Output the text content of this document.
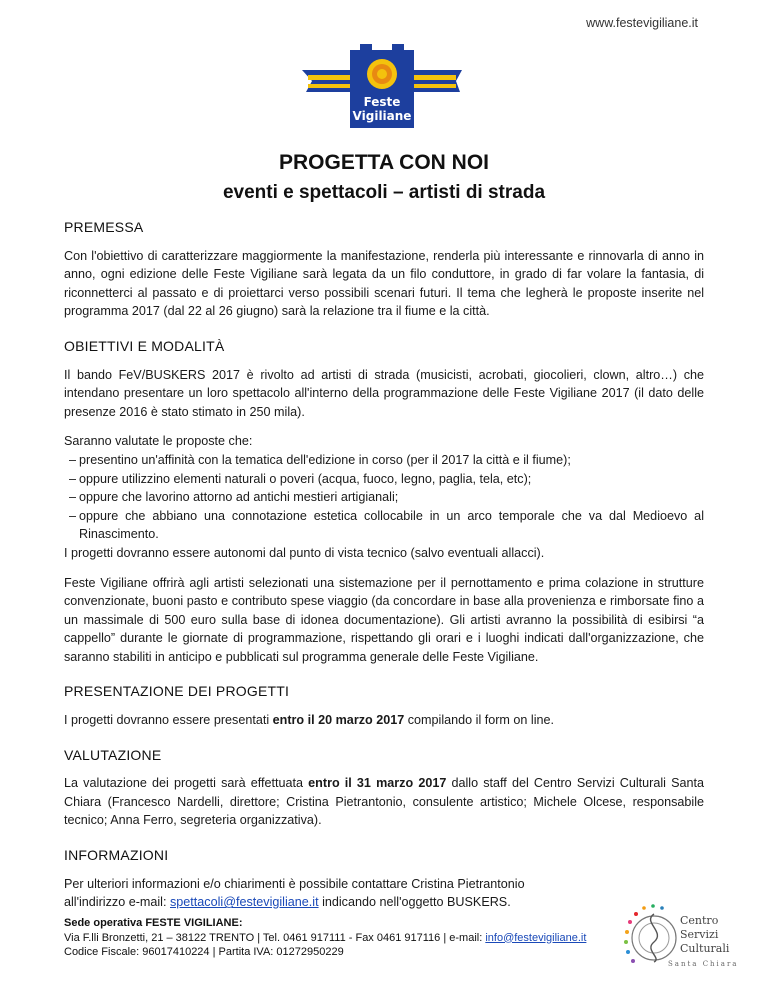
www.festevigiliane.it
Feste
Vigiliane
PROGETTA CON NOI
eventi e spettacoli – artisti di strada
PREMESSA

Con l'obiettivo di caratterizzare maggiormente la manifestazione, renderla più interessante e rinnovarla di anno in anno, ogni edizione delle Feste Vigiliane sarà legata da un filo conduttore, in grado di far volare la fantasia, di riconnetterci al passato e di proiettarci verso possibili scenari futuri. Il tema che legherà le proposte inserite nel programma 2017 (dal 22 al 26 giugno) sarà la relazione tra il fiume e la città.

OBIETTIVI E MODALITÀ

Il bando FeV/BUSKERS 2017 è rivolto ad artisti di strada (musicisti, acrobati, giocolieri, clown, altro…) che intendano presentare un loro spettacolo all'interno della programmazione delle Feste Vigiliane 2017 (il dato delle presenze 2016 è stato stimato in 250 mila).

Saranno valutate le proposte che:

– presentino un'affinità con la tematica dell'edizione in corso (per il 2017 la città e il fiume);
– oppure utilizzino elementi naturali o poveri (acqua, fuoco, legno, paglia, tela, etc);
– oppure che lavorino attorno ad antichi mestieri artigianali;
– oppure che abbiano una connotazione estetica collocabile in un arco temporale che va dal Medioevo al Rinascimento.

I progetti dovranno essere autonomi dal punto di vista tecnico (salvo eventuali allacci).

Feste Vigiliane offrirà agli artisti selezionati una sistemazione per il pernottamento e prima colazione in strutture convenzionate, buoni pasto e contributo spese viaggio (da concordare in base alla provenienza e rimborsate fino a un massimale di 500 euro sulla base di idonea documentazione). Gli artisti avranno la possibilità di esibirsi “a cappello” durante le giornate di programmazione, rispettando gli orari e i luoghi indicati dall'organizzazione, che saranno stabiliti in anticipo e pubblicati sul programma generale delle Feste Vigiliane.

PRESENTAZIONE DEI PROGETTI

I progetti dovranno essere presentati entro il 20 marzo 2017 compilando il form on line.

VALUTAZIONE

La valutazione dei progetti sarà effettuata entro il 31 marzo 2017 dallo staff del Centro Servizi Culturali Santa Chiara (Francesco Nardelli, direttore; Cristina Pietrantonio, consulente artistico; Michele Olcese, responsabile tecnico; Anna Ferro, segreteria organizzativa).

INFORMAZIONI

Per ulteriori informazioni e/o chiarimenti è possibile contattare Cristina Pietrantonio

all'indirizzo e-mail: spettacoli@festevigiliane.it indicando nell'oggetto BUSKERS.

Sede operativa FESTE VIGILIANE:
Via F.lli Bronzetti, 21 – 38122 TRENTO | Tel. 0461 917111 - Fax 0461 917116 | e-mail: info@festevigiliane.it
Codice Fiscale: 96017410224 | Partita IVA: 01272950229
Centro
Servizi
Culturali
Santa Chiara
